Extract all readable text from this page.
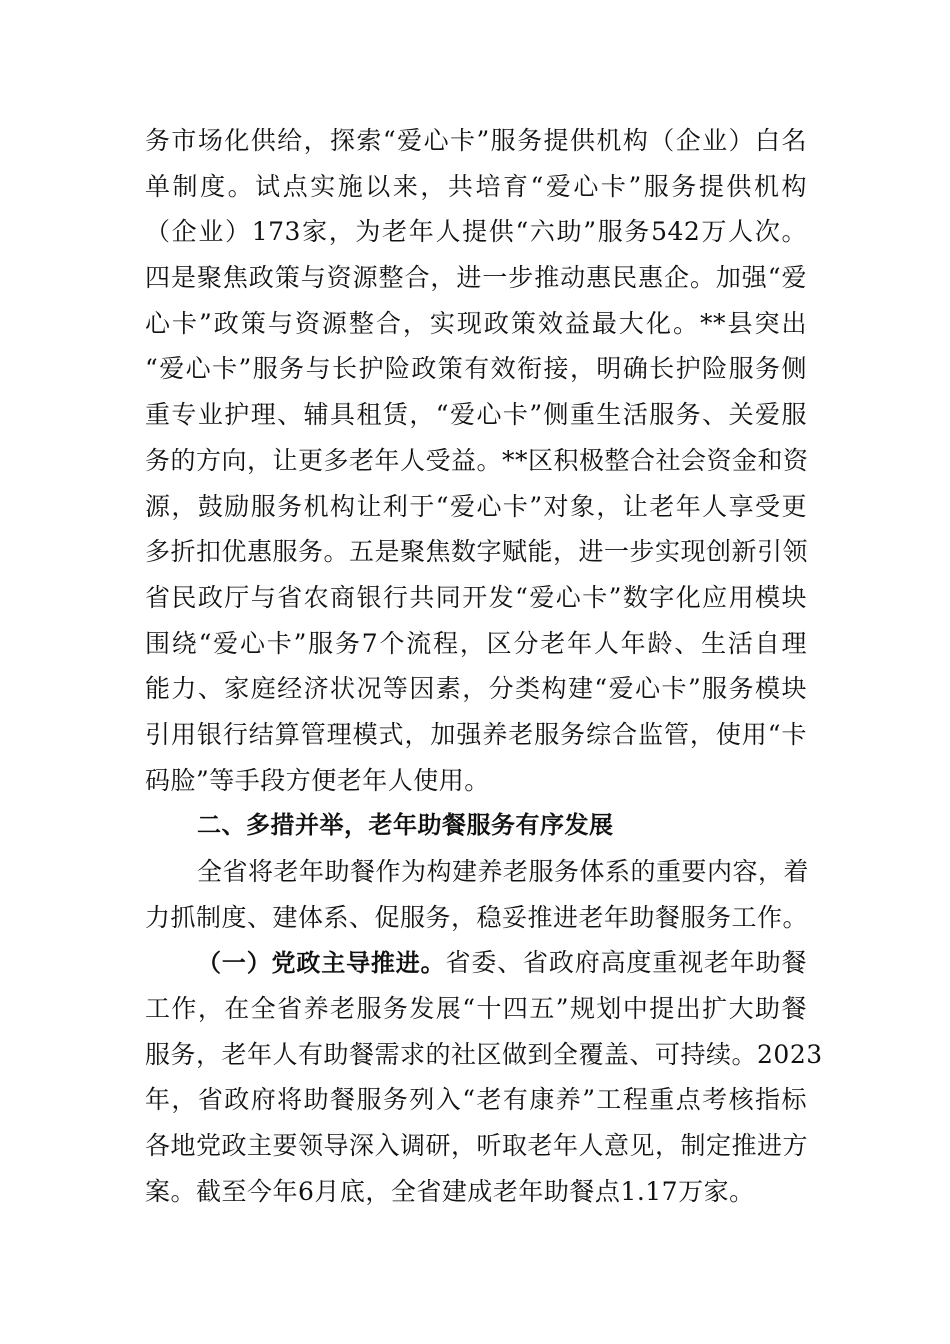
务市场化供给，探索“爱心卡”服务提供机构（企业）白名
单制度。试点实施以来，共培育“爱心卡”服务提供机构
（企业）173家，为老年人提供“六助”服务542万人次。
四是聚焦政策与资源整合，进一步推动惠民惠企。加强“爱
心卡”政策与资源整合，实现政策效益最大化。**县突出
“爱心卡”服务与长护险政策有效衔接，明确长护险服务侧
重专业护理、辅具租赁，“爱心卡”侧重生活服务、关爱服
务的方向，让更多老年人受益。**区积极整合社会资金和资
源，鼓励服务机构让利于“爱心卡”对象，让老年人享受更
多折扣优惠服务。五是聚焦数字赋能，进一步实现创新引领
省民政厅与省农商银行共同开发“爱心卡”数字化应用模块
围绕“爱心卡”服务7个流程，区分老年人年龄、生活自理
能力、家庭经济状况等因素，分类构建“爱心卡”服务模块
引用银行结算管理模式，加强养老服务综合监管，使用“卡
码脸”等手段方便老年人使用。
二、多措并举，老年助餐服务有序发展
全省将老年助餐作为构建养老服务体系的重要内容，着
力抓制度、建体系、促服务，稳妥推进老年助餐服务工作。
（一）党政主导推进。省委、省政府高度重视老年助餐
工作，在全省养老服务发展“十四五”规划中提出扩大助餐
服务，老年人有助餐需求的社区做到全覆盖、可持续。2023
年，省政府将助餐服务列入“老有康养”工程重点考核指标
各地党政主要领导深入调研，听取老年人意见，制定推进方
案。截至今年6月底，全省建成老年助餐点1.17万家。
